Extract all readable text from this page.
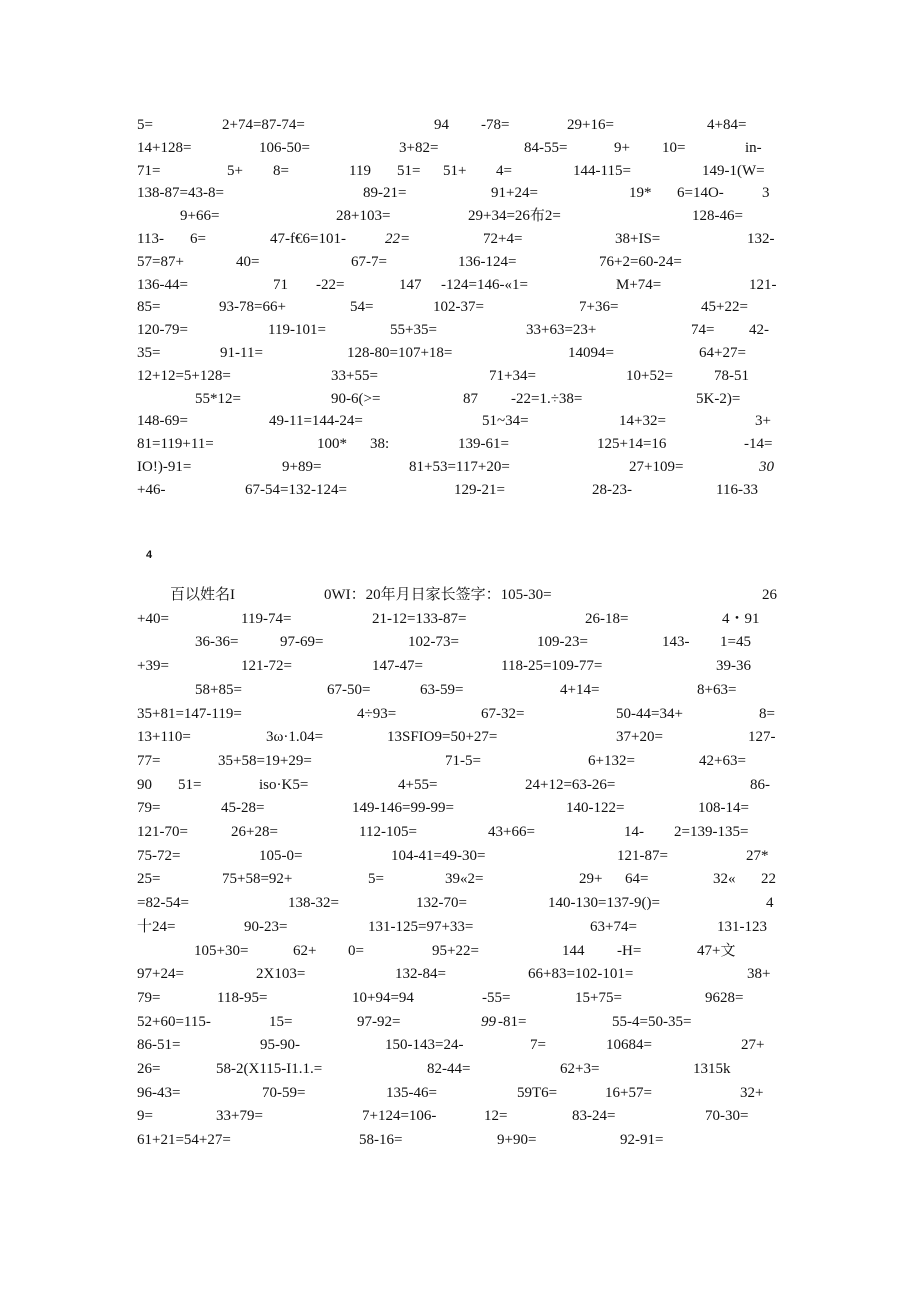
4
5=	2+74=87-74=	94 -78=	29+16=	4+84=
14+128=	106-50=	3+82=	84-55=	9+ 10=	in-
71=	5+ 8=	119 51= 51+ 4=	144-115=	149-1(W=
138-87=43-8=	89-21=	91+24=	19* 6=14O-	3
9+66=	28+103=	29+34=26布2=	128-46=
113- 6=	47-f€6=101-	22=	72+4=	38+IS=	132-
57=87+	40=	67-7=	136-124=	76+2=60-24=
136-44=	71 -22=	147 -124=146-«1=	M+74=	121-
85=	93-78=66+	54=	102-37=	7+36=	45+22=
120-79=	119-101=	55+35=	33+63=23+	74= 42-
35=	91-11=	128-80=107+18=	14094=	64+27=
12+12=5+128=	33+55=	71+34=	10+52=	78-51
55*12=	90-6(>=	87 -22=1.÷38=	5K-2)=
148-69=	49-11=144-24=	51~34=	14+32=	3+
81=119+11=	100* 38:	139-61=	125+14=16	-14=
IO!)-91=	9+89=	81+53=117+20=	27+109=	30
+46-	67-54=132-124=	129-21=	28-23-	116-33
百以姓名I	0WI：20年月日家长签字：105-30=	26
+40=	119-74=	21-12=133-87=	26-18=	4・91
36-36=	97-69=	102-73=	109-23=	143- 1=45
+39=	121-72=	147-47=	118-25=109-77=	39-36
58+85=	67-50=	63-59=	4+14=	8+63=
35+81=147-119=	4÷93=	67-32=	50-44=34+	8=
13+110=	3ω·1.04=	13SFIO9=50+27=	37+20=	127-
77=	35+58=19+29=	71-5=	6+132=	42+63=
90 51=	iso·K5=	4+55=	24+12=63-26=	86-
79=	45-28=	149-146=99-99=	140-122=	108-14=
121-70=	26+28=	112-105=	43+66=	14- 2=139-135=
75-72=	105-0=	104-41=49-30=	121-87=	27*
25=	75+58=92+	5=	39«2=	29+ 64=	32« 22
=82-54=	138-32=	132-70=	140-130=137-9()=	4
十24=	90-23=	131-125=97+33=	63+74=	131-123
105+30=	62+ 0=	95+22=	144 -H=	47+文
97+24=	2X103=	132-84=	66+83=102-101=	38+
79=	118-95=	10+94=94	-55=	15+75=	9628=
52+60=115-	15=	97-92=	99 -81=	55-4=50-35=
86-51=	95-90-	150-143=24-	7=	10684=	27+
26=	58-2(X115-I1.1.=	82-44=	62+3=	1315k
96-43=	70-59=	135-46=	59T6=	16+57=	32+
9=	33+79=	7+124=106-	12=	83-24=	70-30=
61+21=54+27=	58-16=	9+90=	92-91=
